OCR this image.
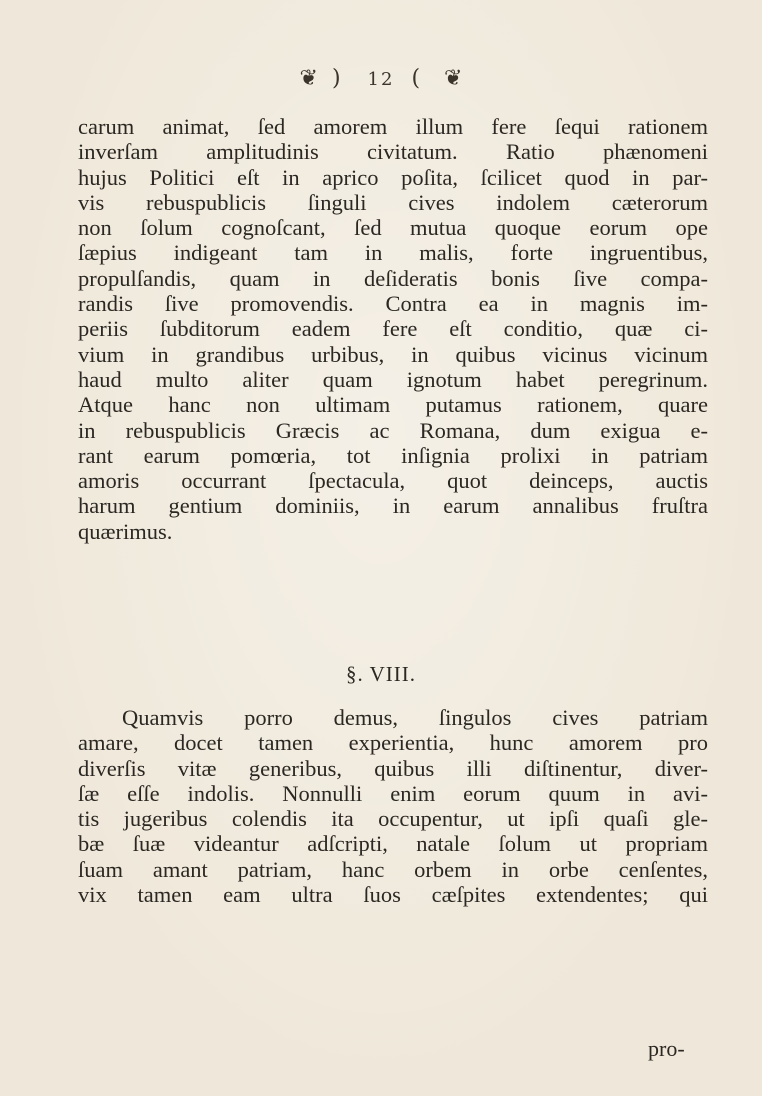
❦ ) 12 ( ❦
carum animat, ſed amorem illum fere ſequi rationem
inverſam amplitudinis civitatum. Ratio phænomeni
hujus Politici eſt in aprico poſita, ſcilicet quod in par-
vis rebuspublicis ſinguli cives indolem cæterorum
non ſolum cognoſcant, ſed mutua quoque eorum ope
ſæpius indigeant tam in malis, forte ingruentibus,
propulſandis, quam in deſideratis bonis ſive compa-
randis ſive promovendis. Contra ea in magnis im-
periis ſubditorum eadem fere eſt conditio, quæ ci-
vium in grandibus urbibus, in quibus vicinus vicinum
haud multo aliter quam ignotum habet peregrinum.
Atque hanc non ultimam putamus rationem, quare
in rebuspublicis Græcis ac Romana, dum exigua e-
rant earum pomœria, tot inſignia prolixi in patriam
amoris occurrant ſpectacula, quot deinceps, auctis
harum gentium dominiis, in earum annalibus fruſtra
quærimus.
§. VIII.
Quamvis porro demus, ſingulos cives patriam
amare, docet tamen experientia, hunc amorem pro
diverſis vitæ generibus, quibus illi diſtinentur, diver-
ſæ eſſe indolis. Nonnulli enim eorum quum in avi-
tis jugeribus colendis ita occupentur, ut ipſi quaſi gle-
bæ ſuæ videantur adſcripti, natale ſolum ut propriam
ſuam amant patriam, hanc orbem in orbe cenſentes,
vix tamen eam ultra ſuos cæſpites extendentes; qui
pro-
